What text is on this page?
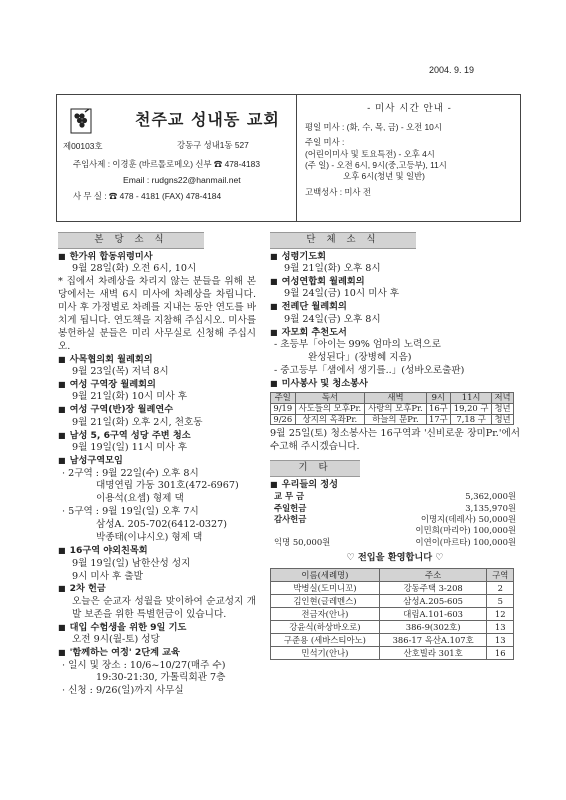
2004. 9. 19
천주교 성내동 교회
제00103호	강동구 성내1동 527
주임사제 : 이경훈 (바르톨로메오) 신부 ☎ 478-4183
Email : rudgns22@hanmail.net
사 무 실 : ☎ 478 - 4181 (FAX) 478-4184
- 미사 시간 안내 -
평일 미사 : (화, 수, 목, 금) - 오전 10시
주일 미사 :
(어린이미사 및 토요특전) - 오후 4시
(주 일) - 오전 6시, 9시(중,고등부), 11시
오후 6시(청년 및 일반)
고백성사 : 미사 전
본 당 소 식
■ 한가위 합동위령미사
9월 28일(화) 오전 6시, 10시
* 집에서 차례상을 차리지 않는 분들을 위해 본당에서는 새벽 6시 미사에 차례상을 차립니다. 미사 후 가정별로 차례를 지내는 동안 연도를 바치게 됩니다. 연도책을 지참해 주십시오. 미사를 봉헌하실 분들은 미리 사무실로 신청해 주십시오.
■ 사목협의회 월례회의
9월 23일(목) 저녁 8시
■ 여성 구역장 월례회의
9월 21일(화) 10시 미사 후
■ 여성 구역(반)장 월례연수
9월 21일(화) 오후 2시, 천호동
■ 남성 5, 6구역 성당 주변 청소
9월 19일(일) 11시 미사 후
■ 남성구역모임
· 2구역 : 9월 22일(수) 오후 8시
대명연립 가동 301호(472-6967)
이용석(요셉) 형제 댁
· 5구역 : 9월 19일(일) 오후 7시
삼성A. 205-702(6412-0327)
박종태(이냐시오) 형제 댁
■ 16구역 야외친목회
9월 19일(일) 남한산성 성지
9시 미사 후 출발
■ 2차 헌금
오늘은 순교자 성월을 맞이하여 순교성지 개발 보존을 위한 특별헌금이 있습니다.
■ 대입 수험생을 위한 9일 기도
오전 9시(월-토) 성당
■ '함께하는 여정' 2단계 교육
· 일시 및 장소 : 10/6~10/27(매주 수)
19:30-21:30, 가톨릭회관 7층
· 신청 : 9/26(일)까지 사무실
단 체 소 식
■ 성령기도회
9월 21일(화) 오후 8시
■ 여성연합회 월례회의
9월 24일(금) 10시 미사 후
■ 전례단 월례회의
9월 24일(금) 오후 8시
■ 자모회 추천도서
- 초등부「아이는 99% 엄마의 노력으로
완성된다」(장병혜 지음)
- 중고등부「샘에서 생기를..」(성바오로출판)
■ 미사봉사 및 청소봉사
주일	독서	새벽	9시	11시	저녁
9/19	사도들의 모후Pr.	사랑의 모후Pr.	16구	19,20 구	청년
9/26	상지의 옥좌Pr.	하늘의 문Pr.	17구	7,18 구	청년
9월 25일(토) 청소봉사는 16구역과 '신비로운 장미Pr.'에서 수고해 주시겠습니다.
기 타
■ 우리들의 정성
교 무 금	5,362,000원
주일헌금	3,135,970원
감사헌금	이명지(데레사) 50,000원
	이민희(마리아) 100,000원
익명 50,000원	이연이(마르타) 100,000원
♡ 전입을 환영합니다 ♡
이름(세례명)	주소	구역
박병실(도미니꼬)	강동주택 3-208	2
김인현(글레멘스)	삼성A.205-605	5
전금자(안나)	대림A.101-603	12
강윤식(하상바오로)	386-9(302호)	13
구준용 (세바스티아노)	386-17 옥산A.107호	13
민석기(안나)	산호빌라 301호	16
